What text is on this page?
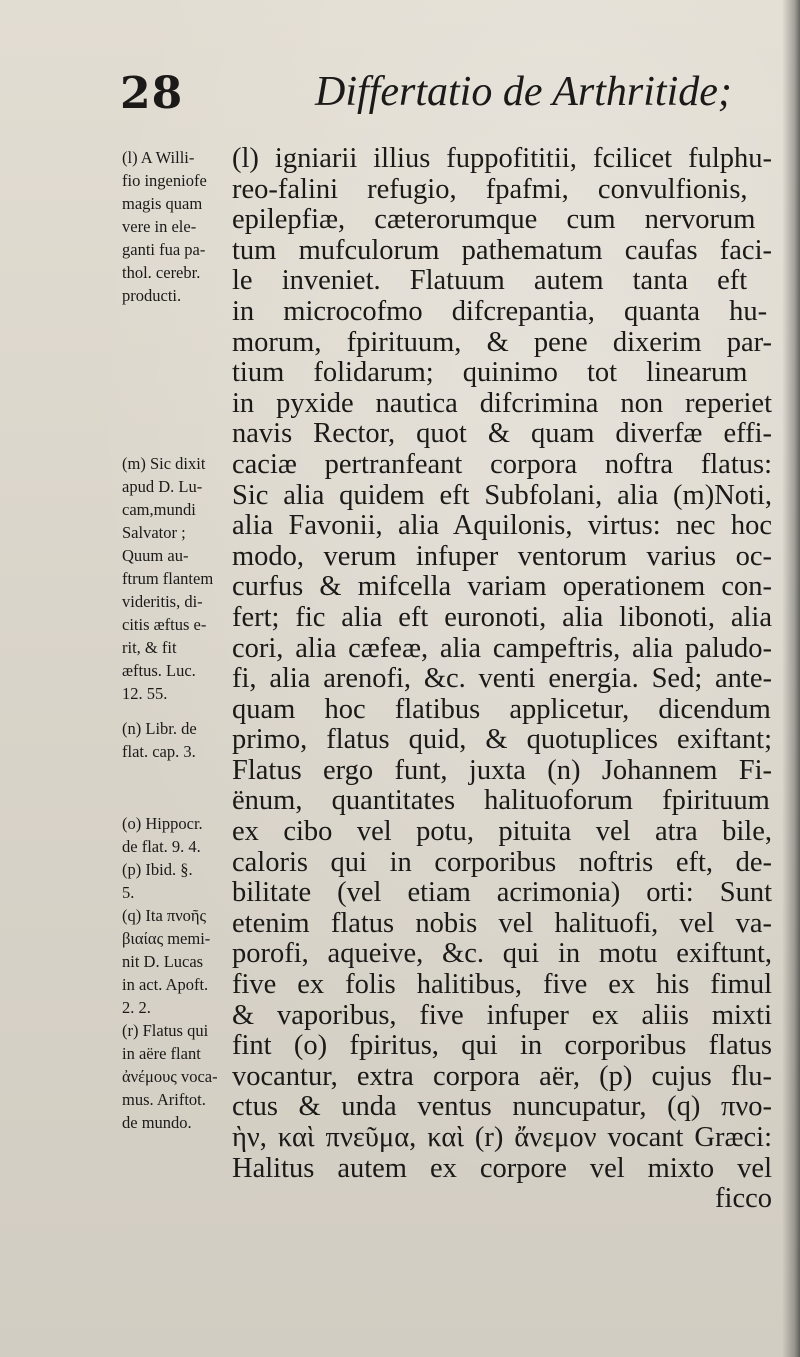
28	Differtatio de Arthritide;
(l) A Willi-
fio ingeniofe
magis quam
vere in ele-
ganti fua pa-
thol. cerebr.
producti.
(m) Sic dixit
apud D. Lu-
cam,mundi
Salvator ;
Quum au-
ftrum flantem
videritis, di-
citis æftus e-
rit, & fit
æftus. Luc.
12. 55.
(n) Libr. de
flat. cap. 3.
(o) Hippocr.
de flat. 9. 4.
(p) Ibid. §.
5.
(q) Ita πνοῆς
βιαίας memi-
nit D. Lucas
in act. Apoft.
2. 2.
(r) Flatus qui
in aëre flant
ἀνέμους voca-
mus. Ariftot.
de mundo.
(l) igniarii illius fuppofititii, fcilicet fulphu-
reo-falini refugio, fpafmi, convulfionis,
epilepfiæ, cæterorumque cum nervorum
tum mufculorum pathematum caufas faci-
le inveniet. Flatuum autem tanta eft
in microcofmo difcrepantia, quanta hu-
morum, fpirituum, & pene dixerim par-
tium folidarum; quinimo tot linearum
in pyxide nautica difcrimina non reperiet
navis Rector, quot & quam diverfæ effi-
caciæ pertranfeant corpora noftra flatus:
Sic alia quidem eft Subfolani, alia (m)Noti,
alia Favonii, alia Aquilonis, virtus: nec hoc
modo, verum infuper ventorum varius oc-
curfus & mifcella variam operationem con-
fert; fic alia eft euronoti, alia libonoti, alia
cori, alia cæfeæ, alia campeftris, alia paludo-
fi, alia arenofi, &c. venti energia. Sed; ante-
quam hoc flatibus applicetur, dicendum
primo, flatus quid, & quotuplices exiftant;
Flatus ergo funt, juxta (n) Johannem Fi-
ënum, quantitates halituoforum fpirituum
ex cibo vel potu, pituita vel atra bile,
caloris qui in corporibus noftris eft, de-
bilitate (vel etiam acrimonia) orti: Sunt
etenim flatus nobis vel halituofi, vel va-
porofi, aqueive, &c. qui in motu exiftunt,
five ex folis halitibus, five ex his fimul
& vaporibus, five infuper ex aliis mixti
fint (o) fpiritus, qui in corporibus flatus
vocantur, extra corpora aër, (p) cujus flu-
ctus & unda ventus nuncupatur, (q) πνο-
ὴν, καὶ πνεῦμα, καὶ (r) ἄνεμον vocant Græci:
Halitus autem ex corpore vel mixto vel
ficco
